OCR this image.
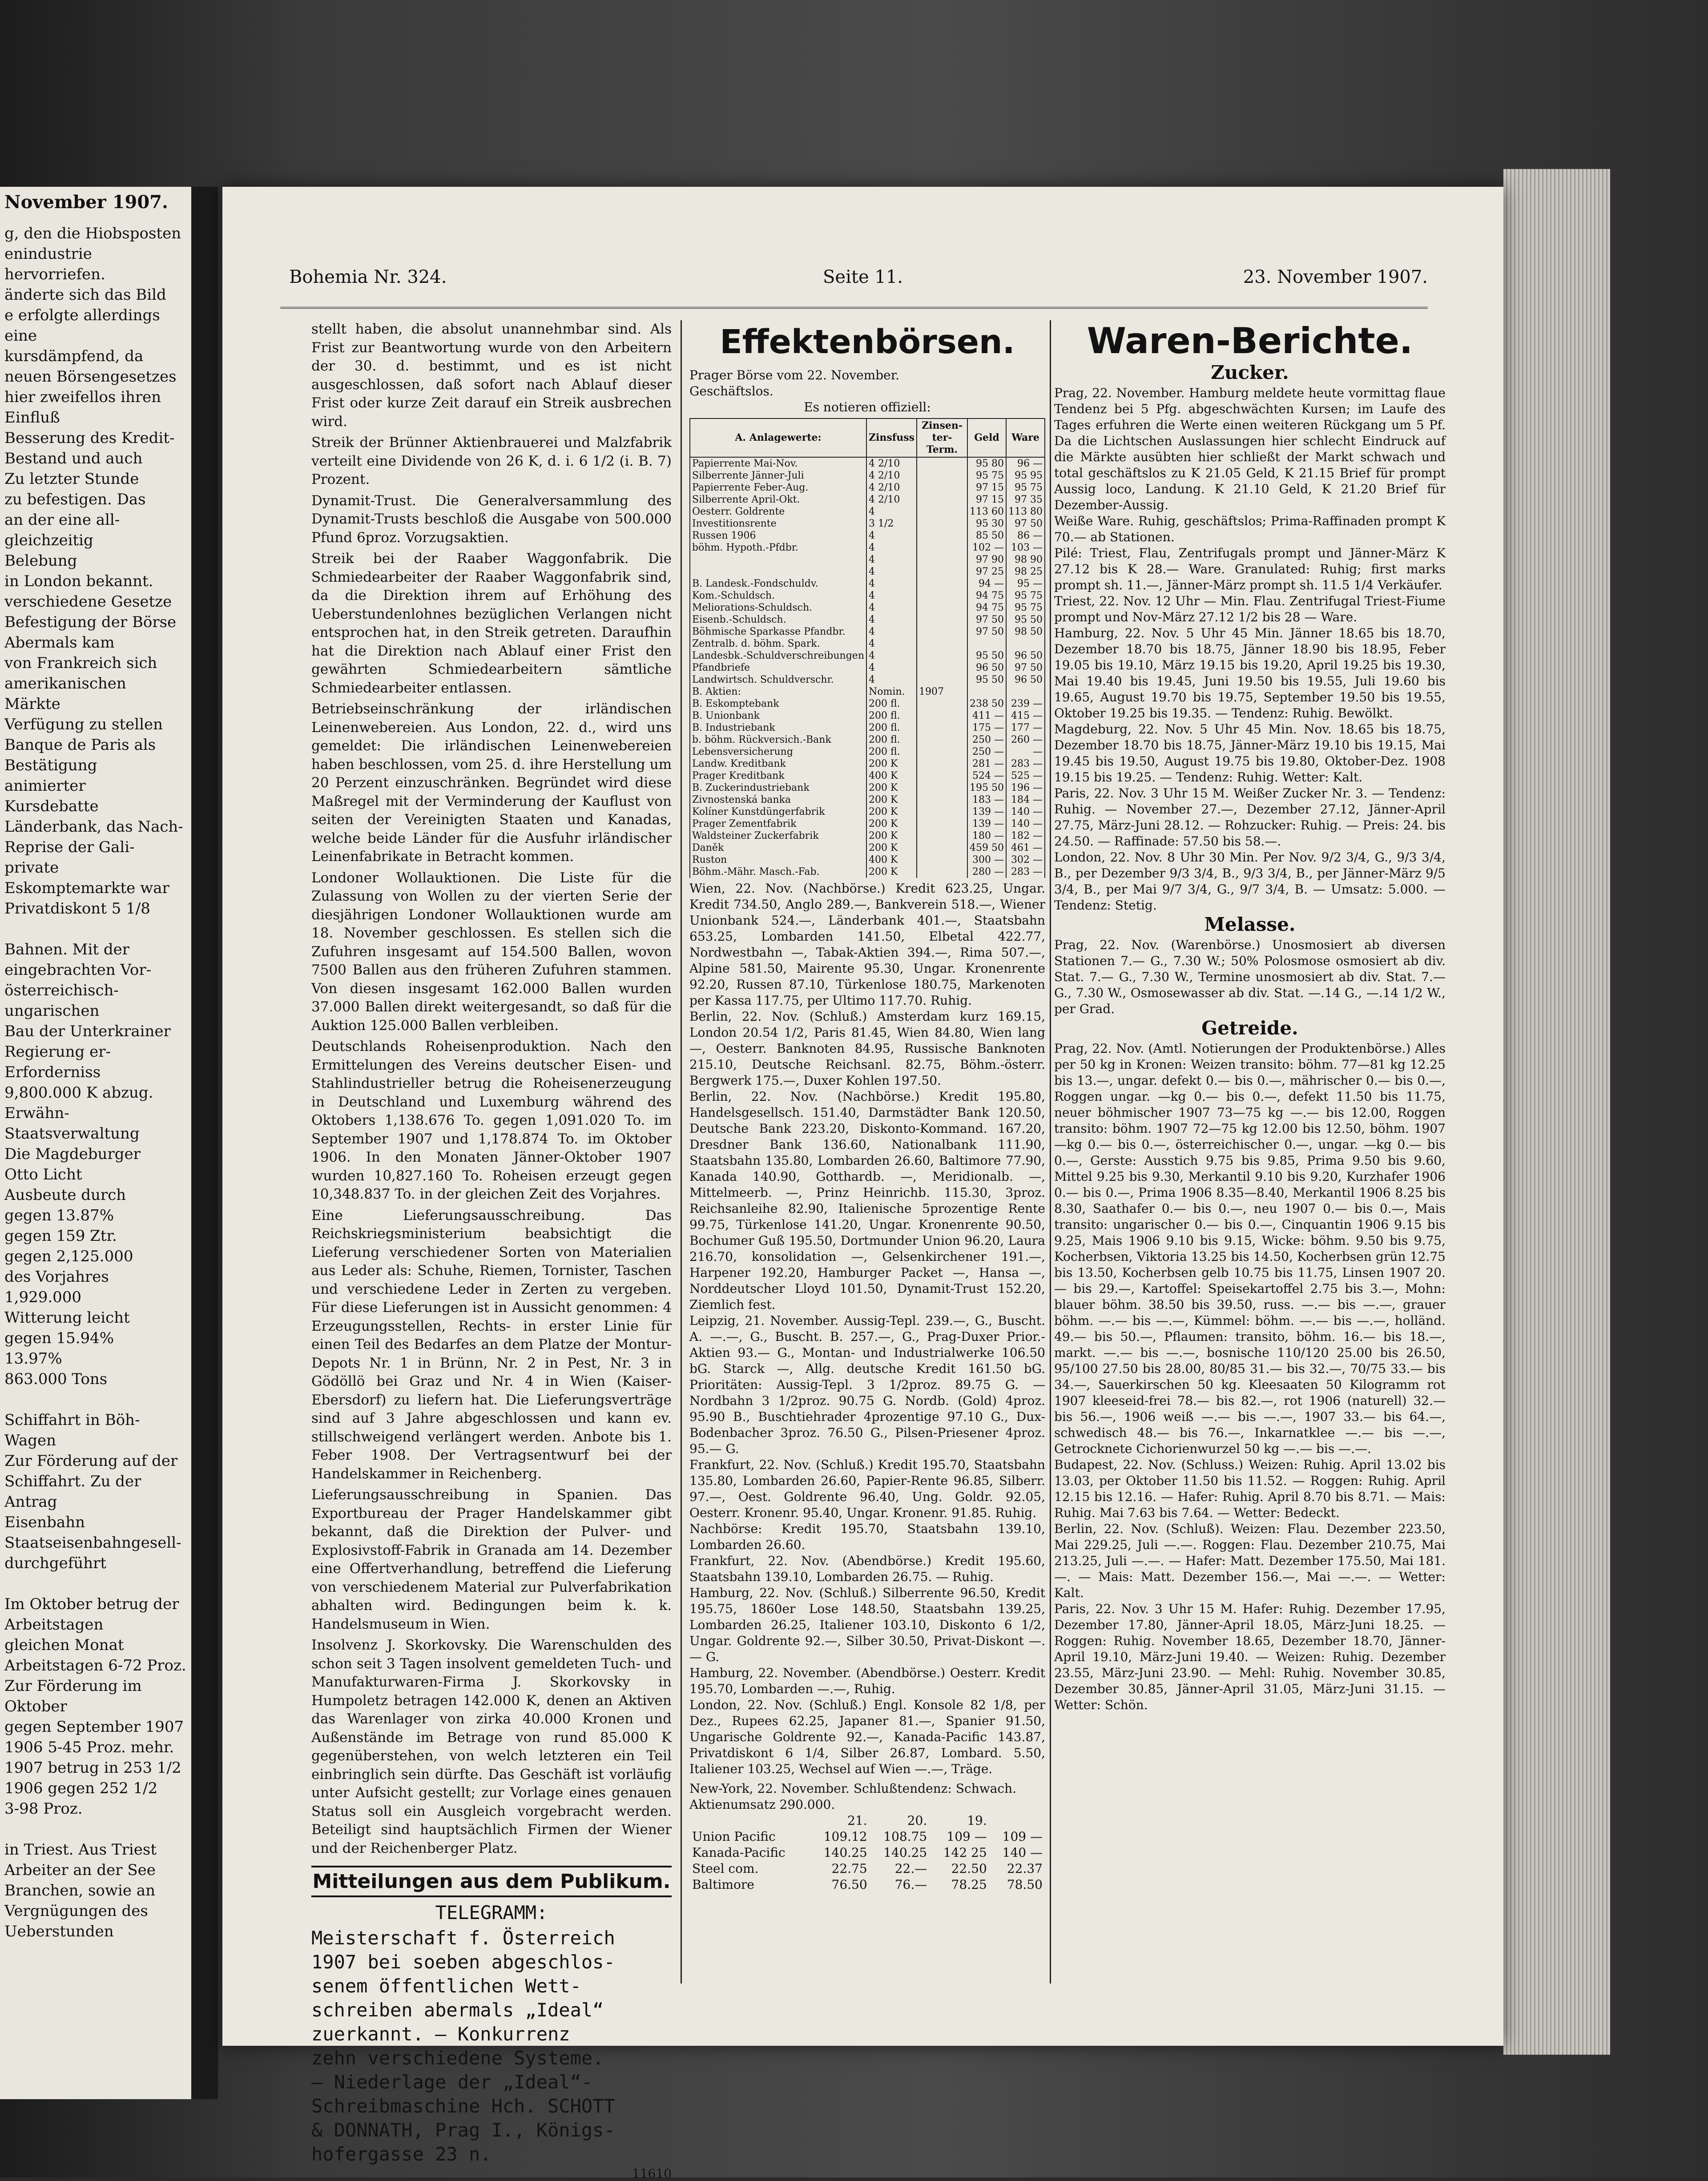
November 1907.
g, den die Hiobsposten
enindustrie hervorriefen.
änderte sich das Bild
e erfolgte allerdings eine
kursdämpfend, da
neuen Börsengesetzes
hier zweifellos ihren Einfluß
Besserung des Kredit-
Bestand und auch
Zu letzter Stunde
zu befestigen. Das
an der eine all-
gleichzeitig
Belebung
in London bekannt.
verschiedene Gesetze
Befestigung der Börse
Abermals kam
von Frankreich sich
amerikanischen Märkte
Verfügung zu stellen
Banque de Paris als
Bestätigung
animierter
Kursdebatte
Länderbank, das Nach-
Reprise der Gali-
private
Eskomptemarkte war
Privatdiskont 5 1/8

Bahnen. Mit der
eingebrachten Vor-
österreichisch-ungarischen
Bau der Unterkrainer
Regierung er-
Erforderniss
9,800.000 K abzug.
Erwähn-
Staatsverwaltung
Die Magdeburger
Otto Licht
Ausbeute durch
gegen 13.87%
gegen 159 Ztr.
gegen 2,125.000
des Vorjahres
1,929.000
Witterung leicht
gegen 15.94%
13.97%
863.000 Tons

Schiffahrt in Böh-
Wagen
Zur Förderung auf der
Schiffahrt. Zu der
Antrag
Eisenbahn
Staatseisenbahngesell-
durchgeführt

Im Oktober betrug der
Arbeitstagen
gleichen Monat
Arbeitstagen 6-72 Proz.
Zur Förderung im Oktober
gegen September 1907
1906 5-45 Proz. mehr.
1907 betrug in 253 1/2
1906 gegen 252 1/2
3-98 Proz.

in Triest. Aus Triest
Arbeiter an der See
Branchen, sowie an
Vergnügungen des Ueberstunden
Bohemia Nr. 324.	Seite 11.	23. November 1907.

stellt haben, die absolut unannehmbar sind. Als Frist zur Beantwortung wurde von den Arbeitern der 30. d. bestimmt, und es ist nicht ausgeschlossen, daß sofort nach Ablauf dieser Frist oder kurze Zeit darauf ein Streik ausbrechen wird.

Streik der Brünner Aktienbrauerei und Malzfabrik verteilt eine Dividende von 26 K, d. i. 6 1/2 (i. B. 7) Prozent.

Dynamit-Trust. Die Generalversammlung des Dynamit-Trusts beschloß die Ausgabe von 500.000 Pfund 6proz. Vorzugsaktien.

Streik bei der Raaber Waggonfabrik. Die Schmiedearbeiter der Raaber Waggonfabrik sind, da die Direktion ihrem auf Erhöhung des Ueberstundenlohnes bezüglichen Verlangen nicht entsprochen hat, in den Streik getreten. Daraufhin hat die Direktion nach Ablauf einer Frist den gewährten Schmiedearbeitern sämtliche Schmiedearbeiter entlassen.

Betriebseinschränkung der irländischen Leinenwebereien. Aus London, 22. d., wird uns gemeldet: Die irländischen Leinenwebereien haben beschlossen, vom 25. d. ihre Herstellung um 20 Perzent einzuschränken. Begründet wird diese Maßregel mit der Verminderung der Kauflust von seiten der Vereinigten Staaten und Kanadas, welche beide Länder für die Ausfuhr irländischer Leinenfabrikate in Betracht kommen.

Londoner Wollauktionen. Die Liste für die Zulassung von Wollen zu der vierten Serie der diesjährigen Londoner Wollauktionen wurde am 18. November geschlossen. Es stellen sich die Zufuhren insgesamt auf 154.500 Ballen, wovon 7500 Ballen aus den früheren Zufuhren stammen. Von diesen insgesamt 162.000 Ballen wurden 37.000 Ballen direkt weitergesandt, so daß für die Auktion 125.000 Ballen verbleiben.

Deutschlands Roheisenproduktion. Nach den Ermittelungen des Vereins deutscher Eisen- und Stahlindustrieller betrug die Roheisenerzeugung in Deutschland und Luxemburg während des Oktobers 1,138.676 To. gegen 1,091.020 To. im September 1907 und 1,178.874 To. im Oktober 1906. In den Monaten Jänner-Oktober 1907 wurden 10,827.160 To. Roheisen erzeugt gegen 10,348.837 To. in der gleichen Zeit des Vorjahres.

Eine Lieferungsausschreibung. Das Reichskriegsministerium beabsichtigt die Lieferung verschiedener Sorten von Materialien aus Leder als: Schuhe, Riemen, Tornister, Taschen und verschiedene Leder in Zerten zu vergeben. Für diese Lieferungen ist in Aussicht genommen: 4 Erzeugungsstellen, Rechts- in erster Linie für einen Teil des Bedarfes an dem Platze der Montur-Depots Nr. 1 in Brünn, Nr. 2 in Pest, Nr. 3 in Gödöllö bei Graz und Nr. 4 in Wien (Kaiser-Ebersdorf) zu liefern hat. Die Lieferungsverträge sind auf 3 Jahre abgeschlossen und kann ev. stillschweigend verlängert werden. Anbote bis 1. Feber 1908. Der Vertragsentwurf bei der Handelskammer in Reichenberg.

Lieferungsausschreibung in Spanien. Das Exportbureau der Prager Handelskammer gibt bekannt, daß die Direktion der Pulver- und Explosivstoff-Fabrik in Granada am 14. Dezember eine Offertverhandlung, betreffend die Lieferung von verschiedenem Material zur Pulverfabrikation abhalten wird. Bedingungen beim k. k. Handelsmuseum in Wien.

Insolvenz J. Skorkovsky. Die Warenschulden des schon seit 3 Tagen insolvent gemeldeten Tuch- und Manufakturwaren-Firma J. Skorkovsky in Humpoletz betragen 142.000 K, denen an Aktiven das Warenlager von zirka 40.000 Kronen und Außenstände im Betrage von rund 85.000 K gegenüberstehen, von welch letzteren ein Teil einbringlich sein dürfte. Das Geschäft ist vorläufig unter Aufsicht gestellt; zur Vorlage eines genauen Status soll ein Ausgleich vorgebracht werden. Beteiligt sind hauptsächlich Firmen der Wiener und der Reichenberger Platz.

Mitteilungen aus dem Publikum.
TELEGRAMM:
Meisterschaft f. Österreich
1907 bei soeben abgeschlos-
senem öffentlichen Wett-
schreiben abermals „Ideal“
zuerkannt. — Konkurrenz
zehn verschiedene Systeme.
— Niederlage der „Ideal“-
Schreibmaschine Hch. SCHOTT
& DONNATH, Prag I., Königs-
hofergasse 23 n.
11610
Effektenbörsen.
Prager Börse vom 22. November.
Geschäftslos.
Es notieren offiziell:
A. Anlagewerte:	Zinsfuss	Zinsen-ter-Term.	Geld	Ware
Papierrente Mai-Nov.	4 2/10		95 80	96 —
Silberrente Jänner-Juli	4 2/10		95 75	95 95
Papierrente Feber-Aug.	4 2/10		97 15	95 75
Silberrente April-Okt.	4 2/10		97 15	97 35
Oesterr. Goldrente	4		113 60	113 80
Investitionsrente	3 1/2		95 30	97 50
Russen 1906	4		85 50	86 —
böhm. Hypoth.-Pfdbr.	4		102 —	103 —
	4		97 90	98 90
	4		97 25	98 25
B. Landesk.-Fondschuldv.	4		94 —	95 —
Kom.-Schuldsch.	4		94 75	95 75
Meliorations-Schuldsch.	4		94 75	95 75
Eisenb.-Schuldsch.	4		97 50	95 50
Böhmische Sparkasse Pfandbr.	4		97 50	98 50
Zentralb. d. böhm. Spark.	4			
Landesbk.-Schuldverschreibungen	4		95 50	96 50
Pfandbriefe	4		96 50	97 50
Landwirtsch. Schuldverschr.	4		95 50	96 50
B. Aktien:	Nomin.	1907		
B. Eskomptebank	200 fl.		238 50	239 —
B. Unionbank	200 fl.		411 —	415 —
B. Industriebank	200 fl.		175 —	177 —
b. böhm. Rückversich.-Bank	200 fl.		250 —	260 —
Lebensversicherung	200 fl.		250 —	—
Landw. Kreditbank	200 K		281 —	283 —
Prager Kreditbank	400 K		524 —	525 —
B. Zuckerindustriebank	200 K		195 50	196 —
Zivnostenská banka	200 K		183 —	184 —
Kolíner Kunstdüngerfabrik	200 K		139 —	140 —
Prager Zementfabrik	200 K		139 —	140 —
Waldsteiner Zuckerfabrik	200 K		180 —	182 —
Daněk	200 K		459 50	461 —
Ruston	400 K		300 —	302 —
Böhm.-Mähr. Masch.-Fab.	200 K		280 —	283 —
Wien, 22. Nov. (Nachbörse.) Kredit 623.25, Ungar. Kredit 734.50, Anglo 289.—, Bankverein 518.—, Wiener Unionbank 524.—, Länderbank 401.—, Staatsbahn 653.25, Lombarden 141.50, Elbetal 422.77, Nordwestbahn —, Tabak-Aktien 394.—, Rima 507.—, Alpine 581.50, Mairente 95.30, Ungar. Kronenrente 92.20, Russen 87.10, Türkenlose 180.75, Markenoten per Kassa 117.75, per Ultimo 117.70. Ruhig.
Berlin, 22. Nov. (Schluß.) Amsterdam kurz 169.15, London 20.54 1/2, Paris 81.45, Wien 84.80, Wien lang —, Oesterr. Banknoten 84.95, Russische Banknoten 215.10, Deutsche Reichsanl. 82.75, Böhm.-österr. Bergwerk 175.—, Duxer Kohlen 197.50.
Berlin, 22. Nov. (Nachbörse.) Kredit 195.80, Handelsgesellsch. 151.40, Darmstädter Bank 120.50, Deutsche Bank 223.20, Diskonto-Kommand. 167.20, Dresdner Bank 136.60, Nationalbank 111.90, Staatsbahn 135.80, Lombarden 26.60, Baltimore 77.90, Kanada 140.90, Gotthardb. —, Meridionalb. —, Mittelmeerb. —, Prinz Heinrichb. 115.30, 3proz. Reichsanleihe 82.90, Italienische 5prozentige Rente 99.75, Türkenlose 141.20, Ungar. Kronenrente 90.50, Bochumer Guß 195.50, Dortmunder Union 96.20, Laura 216.70, konsolidation —, Gelsenkirchener 191.—, Harpener 192.20, Hamburger Packet —, Hansa —, Norddeutscher Lloyd 101.50, Dynamit-Trust 152.20, Ziemlich fest.
Leipzig, 21. November. Aussig-Tepl. 239.—, G., Buscht. A. —.—, G., Buscht. B. 257.—, G., Prag-Duxer Prior.-Aktien 93.— G., Montan- und Industrialwerke 106.50 bG. Starck —, Allg. deutsche Kredit 161.50 bG. Prioritäten: Aussig-Tepl. 3 1/2proz. 89.75 G. — Nordbahn 3 1/2proz. 90.75 G. Nordb. (Gold) 4proz. 95.90 B., Buschtiehrader 4prozentige 97.10 G., Dux-Bodenbacher 3proz. 76.50 G., Pilsen-Priesener 4proz. 95.— G.
Frankfurt, 22. Nov. (Schluß.) Kredit 195.70, Staatsbahn 135.80, Lombarden 26.60, Papier-Rente 96.85, Silberr. 97.—, Oest. Goldrente 96.40, Ung. Goldr. 92.05, Oesterr. Kronenr. 95.40, Ungar. Kronenr. 91.85. Ruhig.
Nachbörse: Kredit 195.70, Staatsbahn 139.10, Lombarden 26.60.
Frankfurt, 22. Nov. (Abendbörse.) Kredit 195.60, Staatsbahn 139.10, Lombarden 26.75. — Ruhig.
Hamburg, 22. Nov. (Schluß.) Silberrente 96.50, Kredit 195.75, 1860er Lose 148.50, Staatsbahn 139.25, Lombarden 26.25, Italiener 103.10, Diskonto 6 1/2, Ungar. Goldrente 92.—, Silber 30.50, Privat-Diskont —.— G.
Hamburg, 22. November. (Abendbörse.) Oesterr. Kredit 195.70, Lombarden —.—, Ruhig.
London, 22. Nov. (Schluß.) Engl. Konsole 82 1/8, per Dez., Rupees 62.25, Japaner 81.—, Spanier 91.50, Ungarische Goldrente 92.—, Kanada-Pacific 143.87, Privatdiskont 6 1/4, Silber 26.87, Lombard. 5.50, Italiener 103.25, Wechsel auf Wien —.—, Träge.
New-York, 22. November. Schlußtendenz: Schwach. Aktienumsatz 290.000.
	21.	20.	19.	
Union Pacific	109.12	108.75	109 —	109 —
Kanada-Pacific	140.25	140.25	142 25	140 —
Steel com.	22.75	22.—	22.50	22.37
Baltimore	76.50	76.—	78.25	78.50
Waren-Berichte.
Zucker.
Prag, 22. November. Hamburg meldete heute vormittag flaue Tendenz bei 5 Pfg. abgeschwächten Kursen; im Laufe des Tages erfuhren die Werte einen weiteren Rückgang um 5 Pf. Da die Lichtschen Auslassungen hier schlecht Eindruck auf die Märkte ausübten hier schließt der Markt schwach und total geschäftslos zu K 21.05 Geld, K 21.15 Brief für prompt Aussig loco, Landung. K 21.10 Geld, K 21.20 Brief für Dezember-Aussig.
Weiße Ware. Ruhig, geschäftslos; Prima-Raffinaden prompt K 70.— ab Stationen.
Pilé: Triest, Flau, Zentrifugals prompt und Jänner-März K 27.12 bis K 28.— Ware. Granulated: Ruhig; first marks prompt sh. 11.—, Jänner-März prompt sh. 11.5 1/4 Verkäufer.
Triest, 22. Nov. 12 Uhr — Min. Flau. Zentrifugal Triest-Fiume prompt und Nov-März 27.12 1/2 bis 28 — Ware.
Hamburg, 22. Nov. 5 Uhr 45 Min. Jänner 18.65 bis 18.70, Dezember 18.70 bis 18.75, Jänner 18.90 bis 18.95, Feber 19.05 bis 19.10, März 19.15 bis 19.20, April 19.25 bis 19.30, Mai 19.40 bis 19.45, Juni 19.50 bis 19.55, Juli 19.60 bis 19.65, August 19.70 bis 19.75, September 19.50 bis 19.55, Oktober 19.25 bis 19.35. — Tendenz: Ruhig. Bewölkt.
Magdeburg, 22. Nov. 5 Uhr 45 Min. Nov. 18.65 bis 18.75, Dezember 18.70 bis 18.75, Jänner-März 19.10 bis 19.15, Mai 19.45 bis 19.50, August 19.75 bis 19.80, Oktober-Dez. 1908 19.15 bis 19.25. — Tendenz: Ruhig. Wetter: Kalt.
Paris, 22. Nov. 3 Uhr 15 M. Weißer Zucker Nr. 3. — Tendenz: Ruhig. — November 27.—, Dezember 27.12, Jänner-April 27.75, März-Juni 28.12. — Rohzucker: Ruhig. — Preis: 24. bis 24.50. — Raffinade: 57.50 bis 58.—.
London, 22. Nov. 8 Uhr 30 Min. Per Nov. 9/2 3/4, G., 9/3 3/4, B., per Dezember 9/3 3/4, B., 9/3 3/4, B., per Jänner-März 9/5 3/4, B., per Mai 9/7 3/4, G., 9/7 3/4, B. — Umsatz: 5.000. — Tendenz: Stetig.
Melasse.
Prag, 22. Nov. (Warenbörse.) Unosmosiert ab diversen Stationen 7.— G., 7.30 W.; 50% Polosmose osmosiert ab div. Stat. 7.— G., 7.30 W., Termine unosmosiert ab div. Stat. 7.— G., 7.30 W., Osmosewasser ab div. Stat. —.14 G., —.14 1/2 W., per Grad.
Getreide.
Prag, 22. Nov. (Amtl. Notierungen der Produktenbörse.) Alles per 50 kg in Kronen: Weizen transito: böhm. 77—81 kg 12.25 bis 13.—, ungar. defekt 0.— bis 0.—, mährischer 0.— bis 0.—, Roggen ungar. —kg 0.— bis 0.—, defekt 11.50 bis 11.75, neuer böhmischer 1907 73—75 kg —.— bis 12.00, Roggen transito: böhm. 1907 72—75 kg 12.00 bis 12.50, böhm. 1907 —kg 0.— bis 0.—, österreichischer 0.—, ungar. —kg 0.— bis 0.—, Gerste: Ausstich 9.75 bis 9.85, Prima 9.50 bis 9.60, Mittel 9.25 bis 9.30, Merkantil 9.10 bis 9.20, Kurzhafer 1906 0.— bis 0.—, Prima 1906 8.35—8.40, Merkantil 1906 8.25 bis 8.30, Saathafer 0.— bis 0.—, neu 1907 0.— bis 0.—, Mais transito: ungarischer 0.— bis 0.—, Cinquantin 1906 9.15 bis 9.25, Mais 1906 9.10 bis 9.15, Wicke: böhm. 9.50 bis 9.75, Kocherbsen, Viktoria 13.25 bis 14.50, Kocherbsen grün 12.75 bis 13.50, Kocherbsen gelb 10.75 bis 11.75, Linsen 1907 20.— bis 29.—, Kartoffel: Speisekartoffel 2.75 bis 3.—, Mohn: blauer böhm. 38.50 bis 39.50, russ. —.— bis —.—, grauer böhm. —.— bis —.—, Kümmel: böhm. —.— bis —.—, holländ. 49.— bis 50.—, Pflaumen: transito, böhm. 16.— bis 18.—, markt. —.— bis —.—, bosnische 110/120 25.00 bis 26.50, 95/100 27.50 bis 28.00, 80/85 31.— bis 32.—, 70/75 33.— bis 34.—, Sauerkirschen 50 kg. Kleesaaten 50 Kilogramm rot 1907 kleeseid-frei 78.— bis 82.—, rot 1906 (naturell) 32.— bis 56.—, 1906 weiß —.— bis —.—, 1907 33.— bis 64.—, schwedisch 48.— bis 76.—, Inkarnatklee —.— bis —.—, Getrocknete Cichorienwurzel 50 kg —.— bis —.—.
Budapest, 22. Nov. (Schluss.) Weizen: Ruhig. April 13.02 bis 13.03, per Oktober 11.50 bis 11.52. — Roggen: Ruhig. April 12.15 bis 12.16. — Hafer: Ruhig. April 8.70 bis 8.71. — Mais: Ruhig. Mai 7.63 bis 7.64. — Wetter: Bedeckt.
Berlin, 22. Nov. (Schluß). Weizen: Flau. Dezember 223.50, Mai 229.25, Juli —.—. Roggen: Flau. Dezember 210.75, Mai 213.25, Juli —.—. — Hafer: Matt. Dezember 175.50, Mai 181.—. — Mais: Matt. Dezember 156.—, Mai —.—. — Wetter: Kalt.
Paris, 22. Nov. 3 Uhr 15 M. Hafer: Ruhig. Dezember 17.95, Dezember 17.80, Jänner-April 18.05, März-Juni 18.25. — Roggen: Ruhig. November 18.65, Dezember 18.70, Jänner-April 19.10, März-Juni 19.40. — Weizen: Ruhig. Dezember 23.55, März-Juni 23.90. — Mehl: Ruhig. November 30.85, Dezember 30.85, Jänner-April 31.05, März-Juni 31.15. — Wetter: Schön.
